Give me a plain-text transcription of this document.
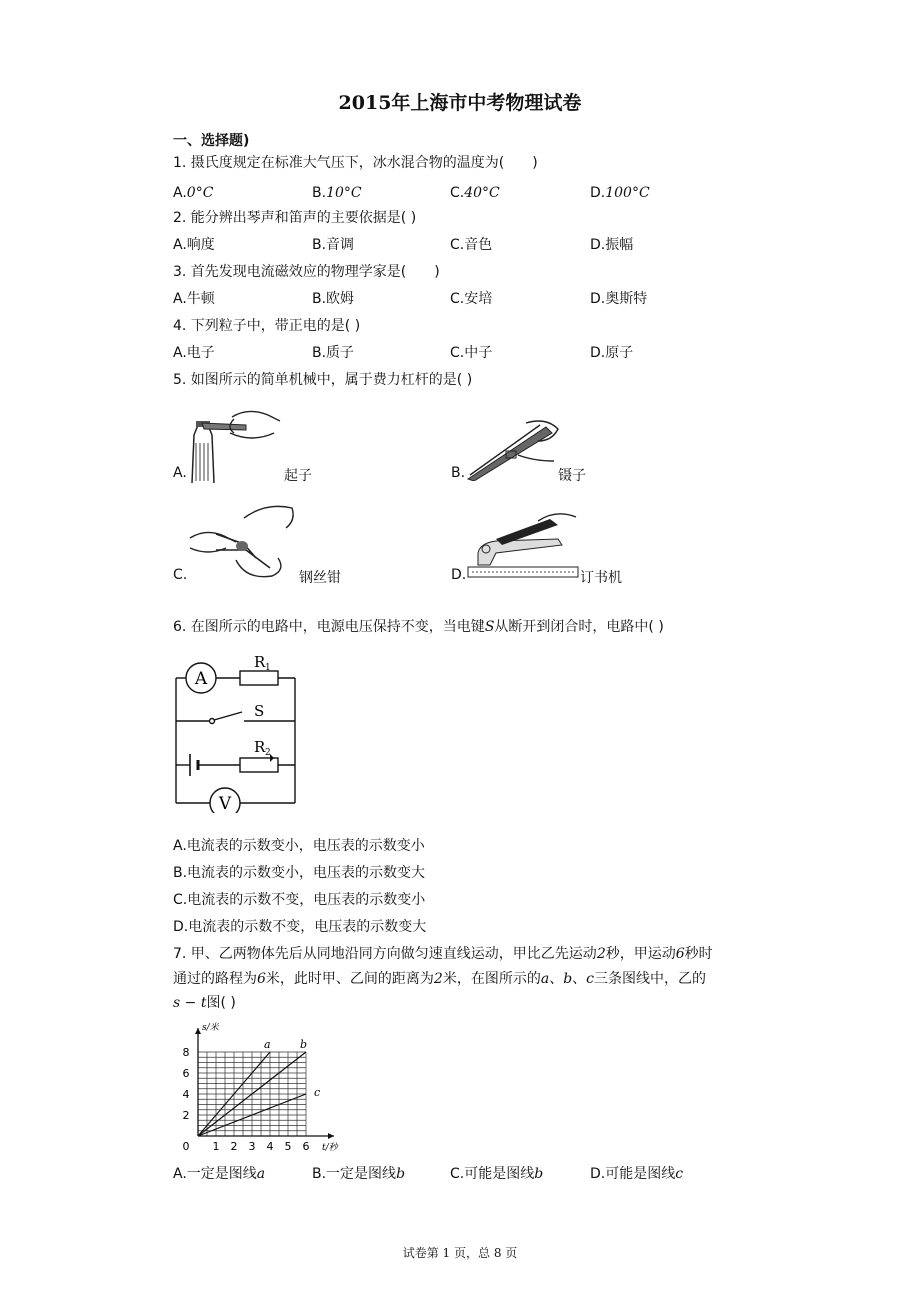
2015年上海市中考物理试卷
一、选择题)
1. 摄氏度规定在标准大气压下，冰水混合物的温度为(　　)
A.0°C	B.10°C	C.40°C	D.100°C
2. 能分辨出琴声和笛声的主要依据是( )
A.响度	B.音调	C.音色	D.振幅
3. 首先发现电流磁效应的物理学家是(　　)
A.牛顿	B.欧姆	C.安培	D.奥斯特
4. 下列粒子中，带正电的是( )
A.电子	B.质子	C.中子	D.原子
5. 如图所示的简单机械中，属于费力杠杆的是( )
A.	起子	B.	镊子
C.	钢丝钳	D.	订书机
6. 在图所示的电路中，电源电压保持不变，当电键S从断开到闭合时，电路中( )
A
V
R 1
S
R 2
A.电流表的示数变小，电压表的示数变小
B.电流表的示数变小，电压表的示数变大
C.电流表的示数不变，电压表的示数变小
D.电流表的示数不变，电压表的示数变大
7. 甲、乙两物体先后从同地沿同方向做匀速直线运动，甲比乙先运动2秒，甲运动6秒时
通过的路程为6米，此时甲、乙间的距离为2米，在图所示的a、b、c三条图线中，乙的
s − t图( )
0 1 2 3 4 5 6
2
4
6
8
t/秒
s/米
a	b
c
A.一定是图线a	B.一定是图线b	C.可能是图线b	D.可能是图线c
试卷第 1 页，总 8 页
